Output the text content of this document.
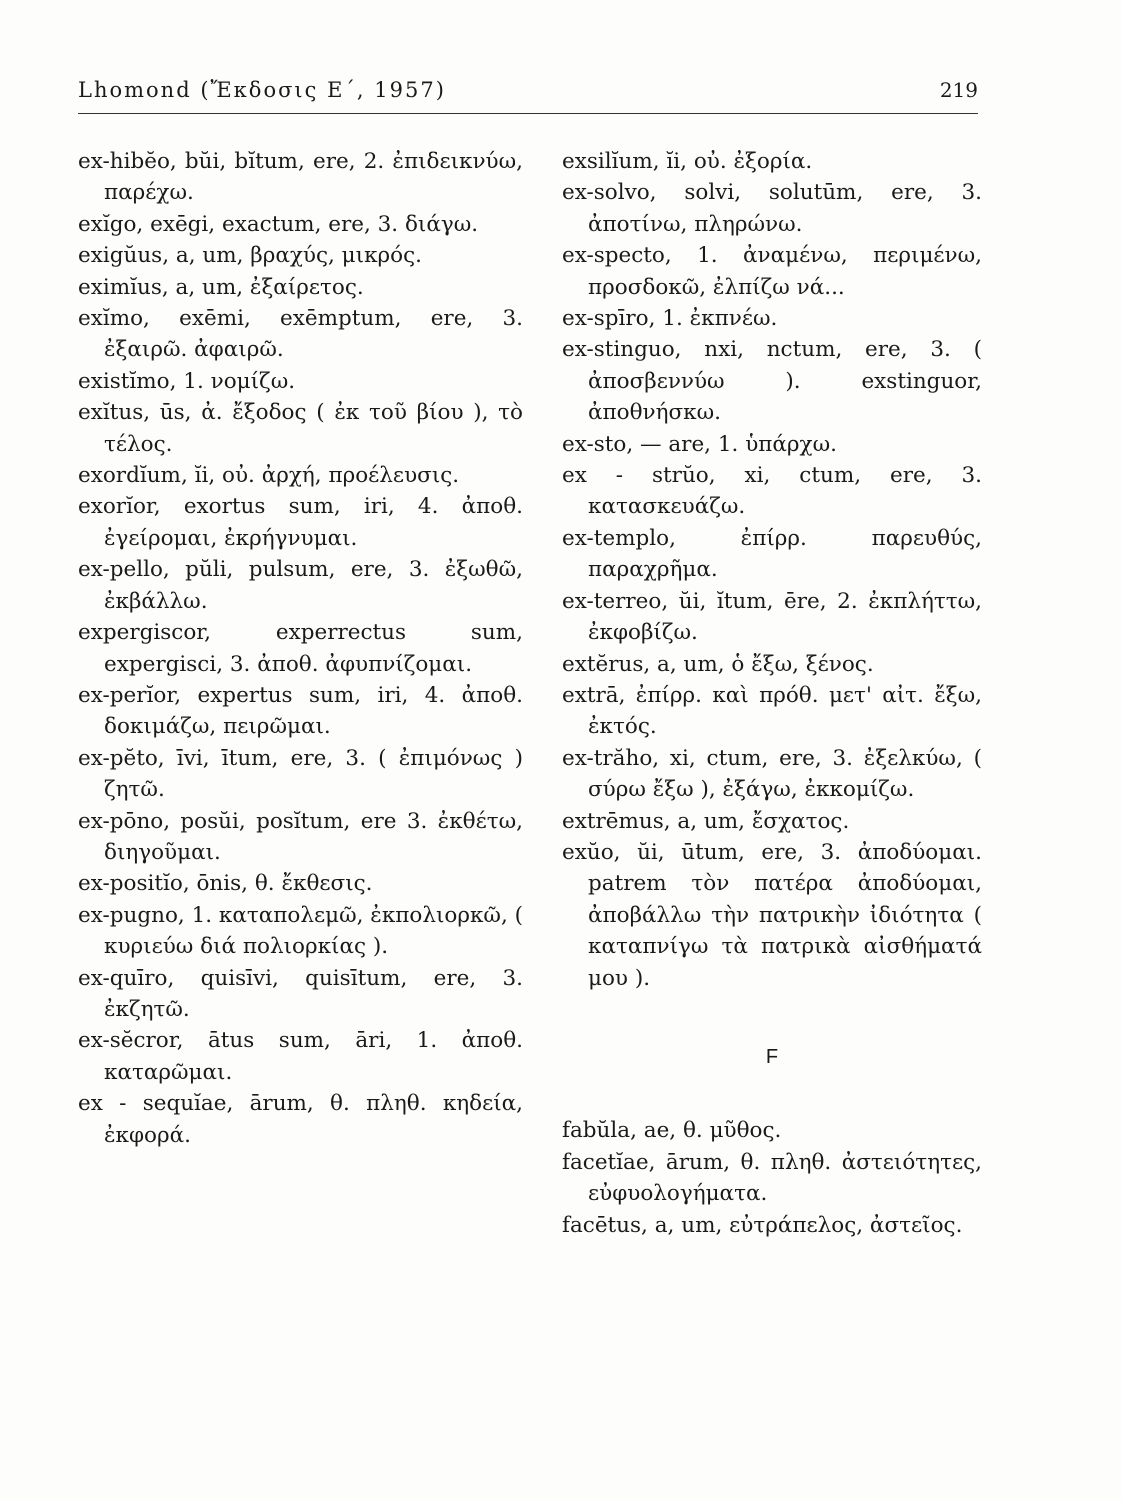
Lhomond (Ἔκδοσις Ε΄, 1957)	219

ex-hibĕo, bŭi, bĭtum, ere, 2. ἐπιδεικνύω, παρέχω.

exĭgo, exēgi, exactum, ere, 3. διάγω.

exigŭus, a, um, βραχύς, μικρός.

eximĭus, a, um, ἐξαίρετος.

exĭmo, exēmi, exēmptum, ere, 3. ἐξαιρῶ. ἀφαιρῶ.

existĭmo, 1. νομίζω.

exĭtus, ūs, ἀ. ἔξοδος ( ἐκ τοῦ βίου ), τὸ τέλος.

exordĭum, ĭi, οὐ. ἀρχή, προέλευσις.

exorĭor, exortus sum, iri, 4. ἀποθ. ἐγείρομαι, ἐκρήγνυμαι.

ex-pello, pŭli, pulsum, ere, 3. ἐξωθῶ, ἐκβάλλω.

expergiscor, experrectus sum, expergisci, 3. ἀποθ. ἀφυπνίζομαι.

ex-perĭor, expertus sum, iri, 4. ἀποθ. δοκιμάζω, πειρῶμαι.

ex-pĕto, īvi, ītum, ere, 3. ( ἐπιμόνως ) ζητῶ.

ex-pōno, posŭi, posĭtum, ere 3. ἐκθέτω, διηγοῦμαι.

ex-positĭo, ōnis, θ. ἔκθεσις.

ex-pugno, 1. καταπολεμῶ, ἐκπολιορκῶ, ( κυριεύω διά πολιορκίας ).

ex-quīro, quisīvi, quisītum, ere, 3. ἐκζητῶ.

ex-sĕcror, ātus sum, āri, 1. ἀποθ. καταρῶμαι.

ex - sequĭae, ārum, θ. πληθ. κηδεία, ἐκφορά.

exsilĭum, ĭi, οὐ. ἐξορία.

ex-solvo, solvi, solutūm, ere, 3. ἀποτίνω, πληρώνω.

ex-specto, 1. ἀναμένω, περιμένω, προσδοκῶ, ἐλπίζω νά...

ex-spīro, 1. ἐκπνέω.

ex-stinguo, nxi, nctum, ere, 3. ( ἀποσβεννύω ). exstinguor, ἀποθνήσκω.

ex-sto, — are, 1. ὑπάρχω.

ex - strŭo, xi, ctum, ere, 3. κατασκευάζω.

ex-templo, ἐπίρρ. παρευθύς, παραχρῆμα.

ex-terreo, ŭi, ĭtum, ēre, 2. ἐκπλήττω, ἐκφοβίζω.

extĕrus, a, um, ὁ ἔξω, ξένος.

extrā, ἐπίρρ. καὶ πρόθ. μετ' αἰτ. ἔξω, ἐκτός.

ex-trăho, xi, ctum, ere, 3. ἐξελκύω, ( σύρω ἔξω ), ἐξάγω, ἐκκομίζω.

extrēmus, a, um, ἔσχατος.

exŭo, ŭi, ūtum, ere, 3. ἀποδύομαι. patrem τὸν πατέρα ἀποδύομαι, ἀποβάλλω τὴν πατρικὴν ἰδιότητα ( καταπνίγω τὰ πατρικὰ αἰσθήματά μου ).

F

fabŭla, ae, θ. μῦθος.

facetĭae, ārum, θ. πληθ. ἀστειότητες, εὐφυολογήματα.

facētus, a, um, εὐτράπελος, ἀστεῖος.
